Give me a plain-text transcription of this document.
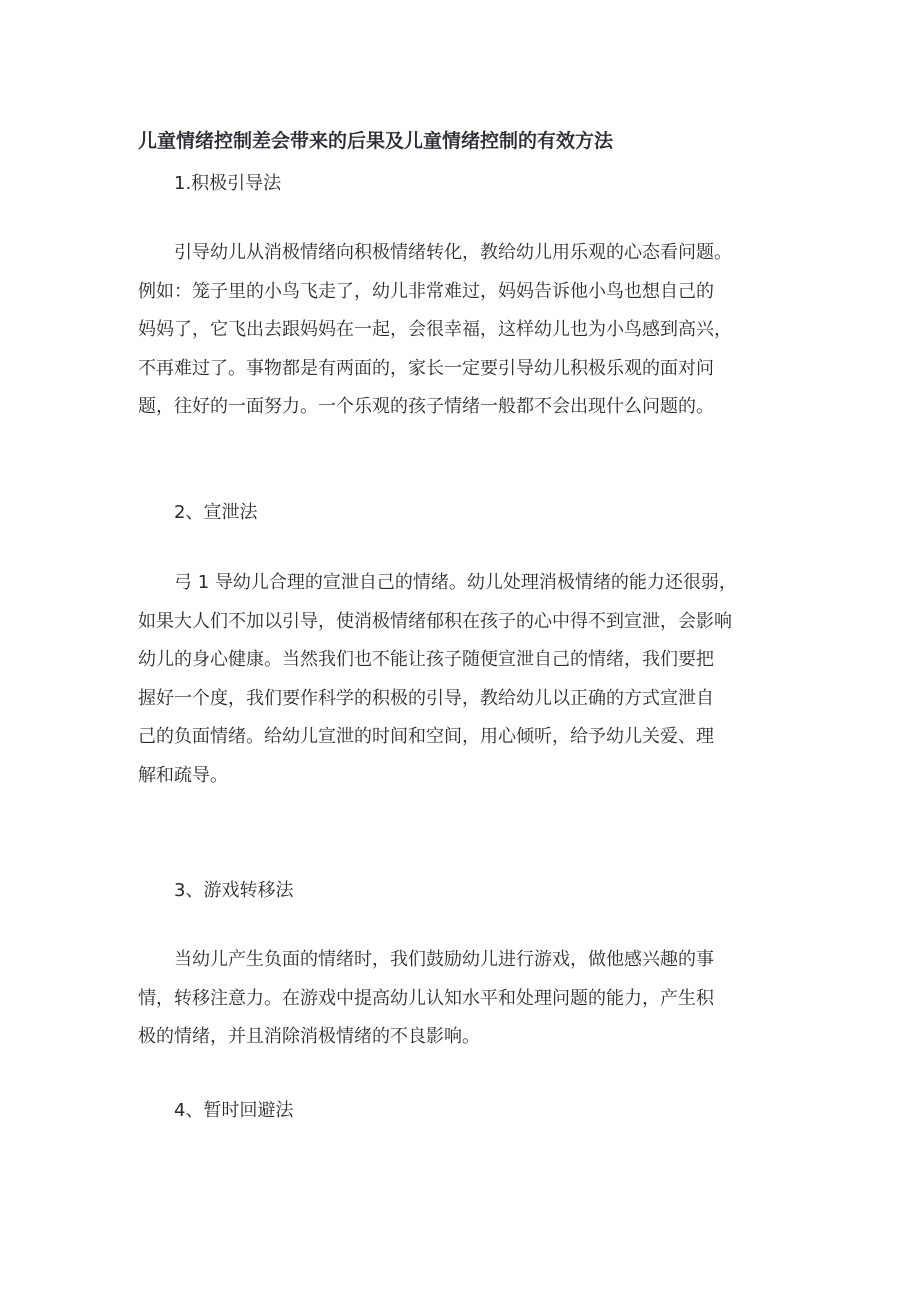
儿童情绪控制差会带来的后果及儿童情绪控制的有效方法
1.积极引导法
引导幼儿从消极情绪向积极情绪转化，教给幼儿用乐观的心态看问题。
例如：笼子里的小鸟飞走了，幼儿非常难过，妈妈告诉他小鸟也想自己的
妈妈了，它飞出去跟妈妈在一起，会很幸福，这样幼儿也为小鸟感到高兴，
不再难过了。事物都是有两面的，家长一定要引导幼儿积极乐观的面对问
题，往好的一面努力。一个乐观的孩子情绪一般都不会出现什么问题的。
2、宣泄法
弓 1 导幼儿合理的宣泄自己的情绪。幼儿处理消极情绪的能力还很弱，
如果大人们不加以引导，使消极情绪郁积在孩子的心中得不到宣泄，会影响
幼儿的身心健康。当然我们也不能让孩子随便宣泄自己的情绪，我们要把
握好一个度，我们要作科学的积极的引导，教给幼儿以正确的方式宣泄自
己的负面情绪。给幼儿宣泄的时间和空间，用心倾听，给予幼儿关爱、理
解和疏导。
3、游戏转移法
当幼儿产生负面的情绪时，我们鼓励幼儿进行游戏，做他感兴趣的事
情，转移注意力。在游戏中提高幼儿认知水平和处理问题的能力，产生积
极的情绪，并且消除消极情绪的不良影响。
4、暂时回避法
